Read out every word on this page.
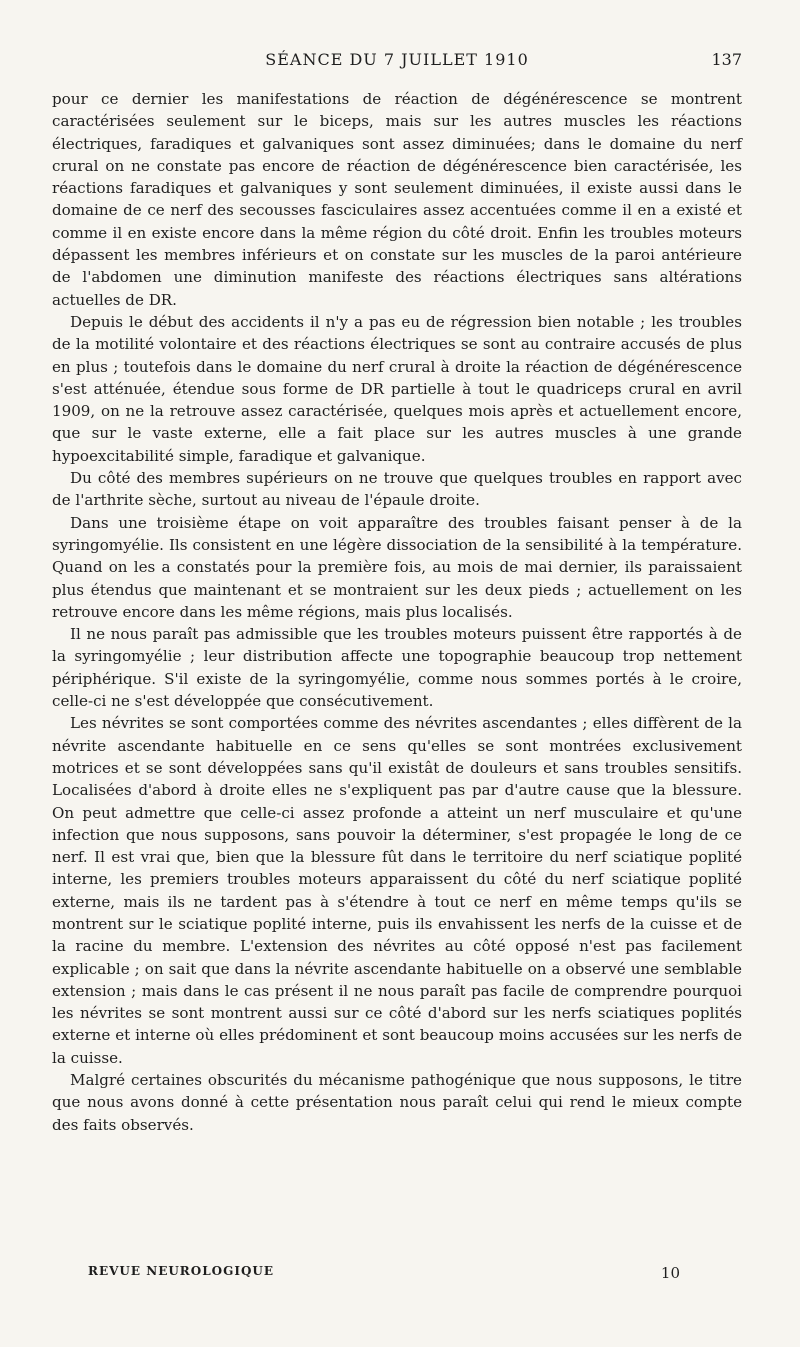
SÉANCE DU 7 JUILLET 1910	137

pour ce dernier les manifestations de réaction de dégénérescence se montrent caractérisées seulement sur le biceps, mais sur les autres muscles les réactions électriques, faradiques et galvaniques sont assez diminuées; dans le domaine du nerf crural on ne constate pas encore de réaction de dégénérescence bien caractérisée, les réactions faradiques et galvaniques y sont seulement diminuées, il existe aussi dans le domaine de ce nerf des secousses fasciculaires assez accentuées comme il en a existé et comme il en existe encore dans la même région du côté droit. Enfin les troubles moteurs dépassent les membres inférieurs et on constate sur les muscles de la paroi antérieure de l'abdomen une diminution manifeste des réactions électriques sans altérations actuelles de DR.

Depuis le début des accidents il n'y a pas eu de régression bien notable ; les troubles de la motilité volontaire et des réactions électriques se sont au contraire accusés de plus en plus ; toutefois dans le domaine du nerf crural à droite la réaction de dégénérescence s'est atténuée, étendue sous forme de DR partielle à tout le quadriceps crural en avril 1909, on ne la retrouve assez caractérisée, quelques mois après et actuellement encore, que sur le vaste externe, elle a fait place sur les autres muscles à une grande hypoexcitabilité simple, faradique et galvanique.

Du côté des membres supérieurs on ne trouve que quelques troubles en rapport avec de l'arthrite sèche, surtout au niveau de l'épaule droite.

Dans une troisième étape on voit apparaître des troubles faisant penser à de la syringomyélie. Ils consistent en une légère dissociation de la sensibilité à la température. Quand on les a constatés pour la première fois, au mois de mai dernier, ils paraissaient plus étendus que maintenant et se montraient sur les deux pieds ; actuellement on les retrouve encore dans les même régions, mais plus localisés.

Il ne nous paraît pas admissible que les troubles moteurs puissent être rapportés à de la syringomyélie ; leur distribution affecte une topographie beaucoup trop nettement périphérique. S'il existe de la syringomyélie, comme nous sommes portés à le croire, celle-ci ne s'est développée que consécutivement.

Les névrites se sont comportées comme des névrites ascendantes ; elles diffèrent de la névrite ascendante habituelle en ce sens qu'elles se sont montrées exclusivement motrices et se sont développées sans qu'il existât de douleurs et sans troubles sensitifs. Localisées d'abord à droite elles ne s'expliquent pas par d'autre cause que la blessure. On peut admettre que celle-ci assez profonde a atteint un nerf musculaire et qu'une infection que nous supposons, sans pouvoir la déterminer, s'est propagée le long de ce nerf. Il est vrai que, bien que la blessure fût dans le territoire du nerf sciatique poplité interne, les premiers troubles moteurs apparaissent du côté du nerf sciatique poplité externe, mais ils ne tardent pas à s'étendre à tout ce nerf en même temps qu'ils se montrent sur le sciatique poplité interne, puis ils envahissent les nerfs de la cuisse et de la racine du membre. L'extension des névrites au côté opposé n'est pas facilement explicable ; on sait que dans la névrite ascendante habituelle on a observé une semblable extension ; mais dans le cas présent il ne nous paraît pas facile de comprendre pourquoi les névrites se sont montrent aussi sur ce côté d'abord sur les nerfs sciatiques poplités externe et interne où elles prédominent et sont beaucoup moins accusées sur les nerfs de la cuisse.

Malgré certaines obscurités du mécanisme pathogénique que nous supposons, le titre que nous avons donné à cette présentation nous paraît celui qui rend le mieux compte des faits observés.

REVUE NEUROLOGIQUE	10
